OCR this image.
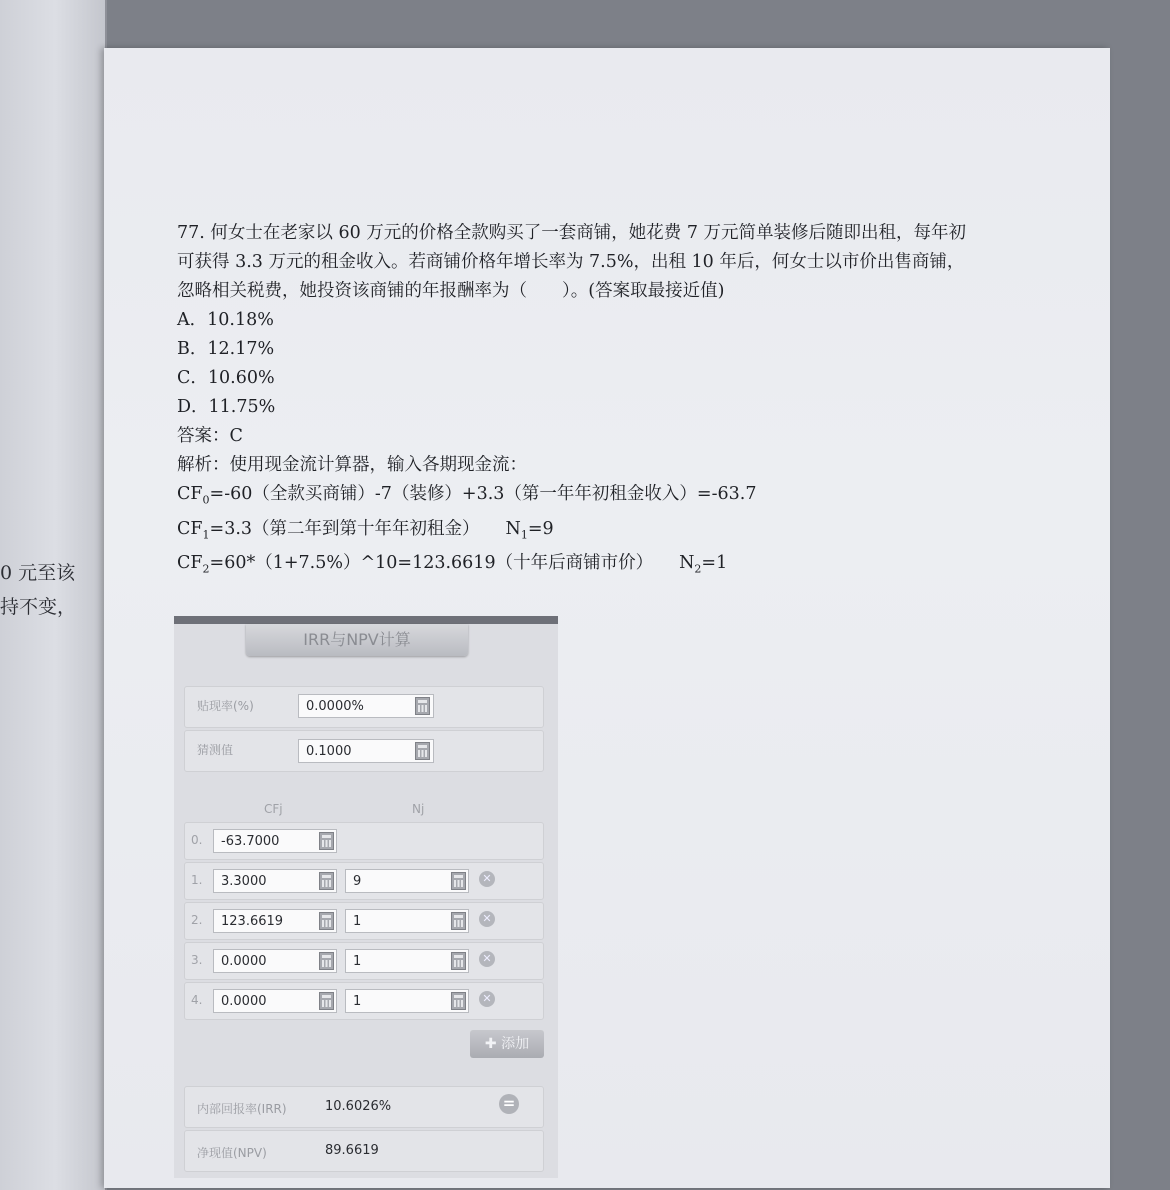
0 元至该
持不变，

77. 何女士在老家以 60 万元的价格全款购买了一套商铺，她花费 7 万元简单装修后随即出租，每年初可获得 3.3 万元的租金收入。若商铺价格年增长率为 7.5%，出租 10 年后，何女士以市价出售商铺，忽略相关税费，她投资该商铺的年报酬率为（　　）。(答案取最接近值)

A．10.18%

B．12.17%

C．10.60%

D．11.75%

答案：C

解析：使用现金流计算器，输入各期现金流：

$CF_0=-60$（全款买商铺）-7（装修）+3.3（第一年年初租金收入）=-63.7

$CF_1=3.3$（第二年到第十年年初租金） $N_1=9$

$CF_2=60*(1+7.5\%)\^{}10=123.6619$（十年后商铺市价） $N_2=1$

IRR与NPV计算
贴现率(%)	0.0000%
猜测值	0.1000
CFj	Nj
0.	-63.7000
1.	3.3000	9	✕
2.	123.6619	1	✕
3.	0.0000	1	✕
4.	0.0000	1	✕
✚ 添加
内部回报率(IRR)	10.6026%	=
净现值(NPV)	89.6619
